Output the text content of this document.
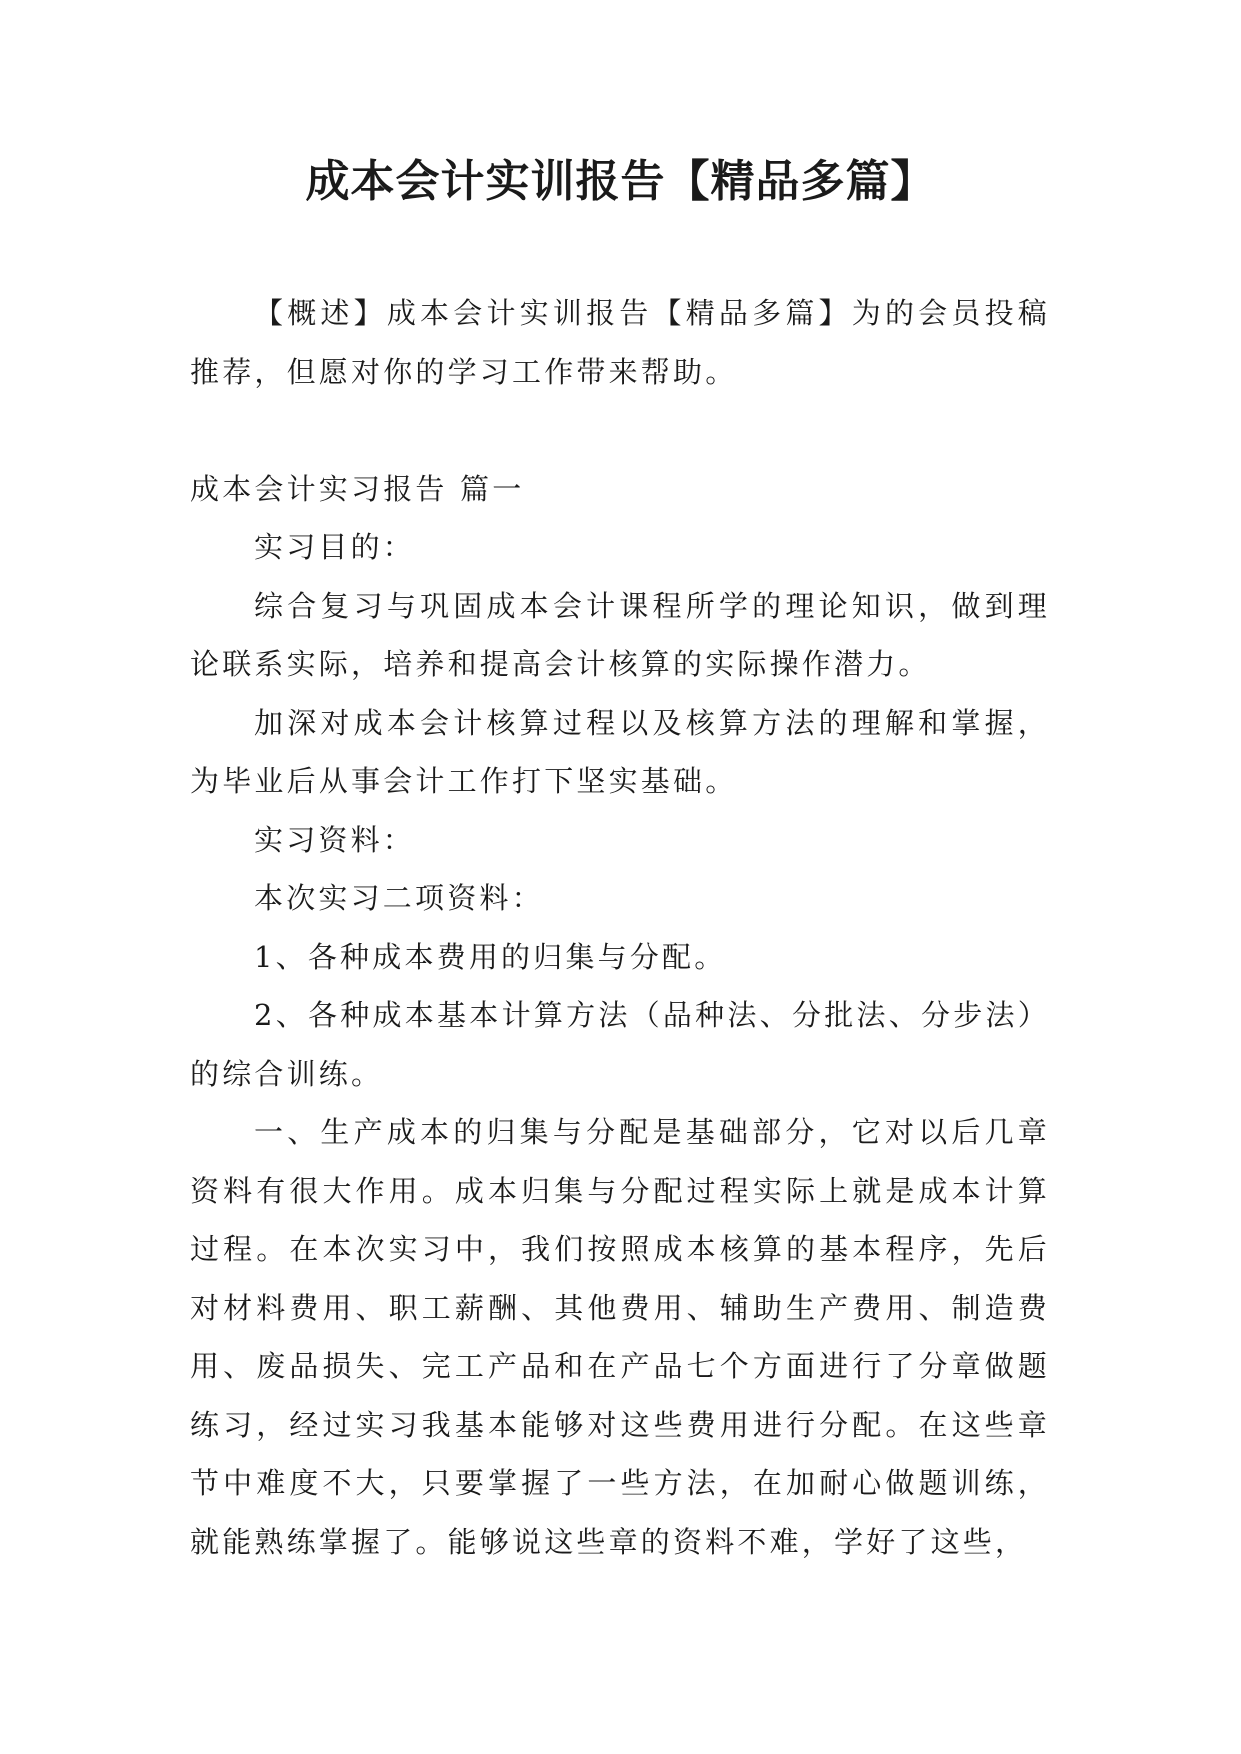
成本会计实训报告【精品多篇】

【概述】成本会计实训报告【精品多篇】为的会员投稿推荐，但愿对你的学习工作带来帮助。

成本会计实习报告 篇一

实习目的：

综合复习与巩固成本会计课程所学的理论知识，做到理论联系实际，培养和提高会计核算的实际操作潜力。

加深对成本会计核算过程以及核算方法的理解和掌握，为毕业后从事会计工作打下坚实基础。

实习资料：

本次实习二项资料：

1、各种成本费用的归集与分配。

2、各种成本基本计算方法（品种法、分批法、分步法）的综合训练。

一、生产成本的归集与分配是基础部分，它对以后几章资料有很大作用。成本归集与分配过程实际上就是成本计算过程。在本次实习中，我们按照成本核算的基本程序，先后对材料费用、职工薪酬、其他费用、辅助生产费用、制造费用、废品损失、完工产品和在产品七个方面进行了分章做题练习，经过实习我基本能够对这些费用进行分配。在这些章节中难度不大，只要掌握了一些方法，在加耐心做题训练，就能熟练掌握了。能够说这些章的资料不难，学好了这些，
